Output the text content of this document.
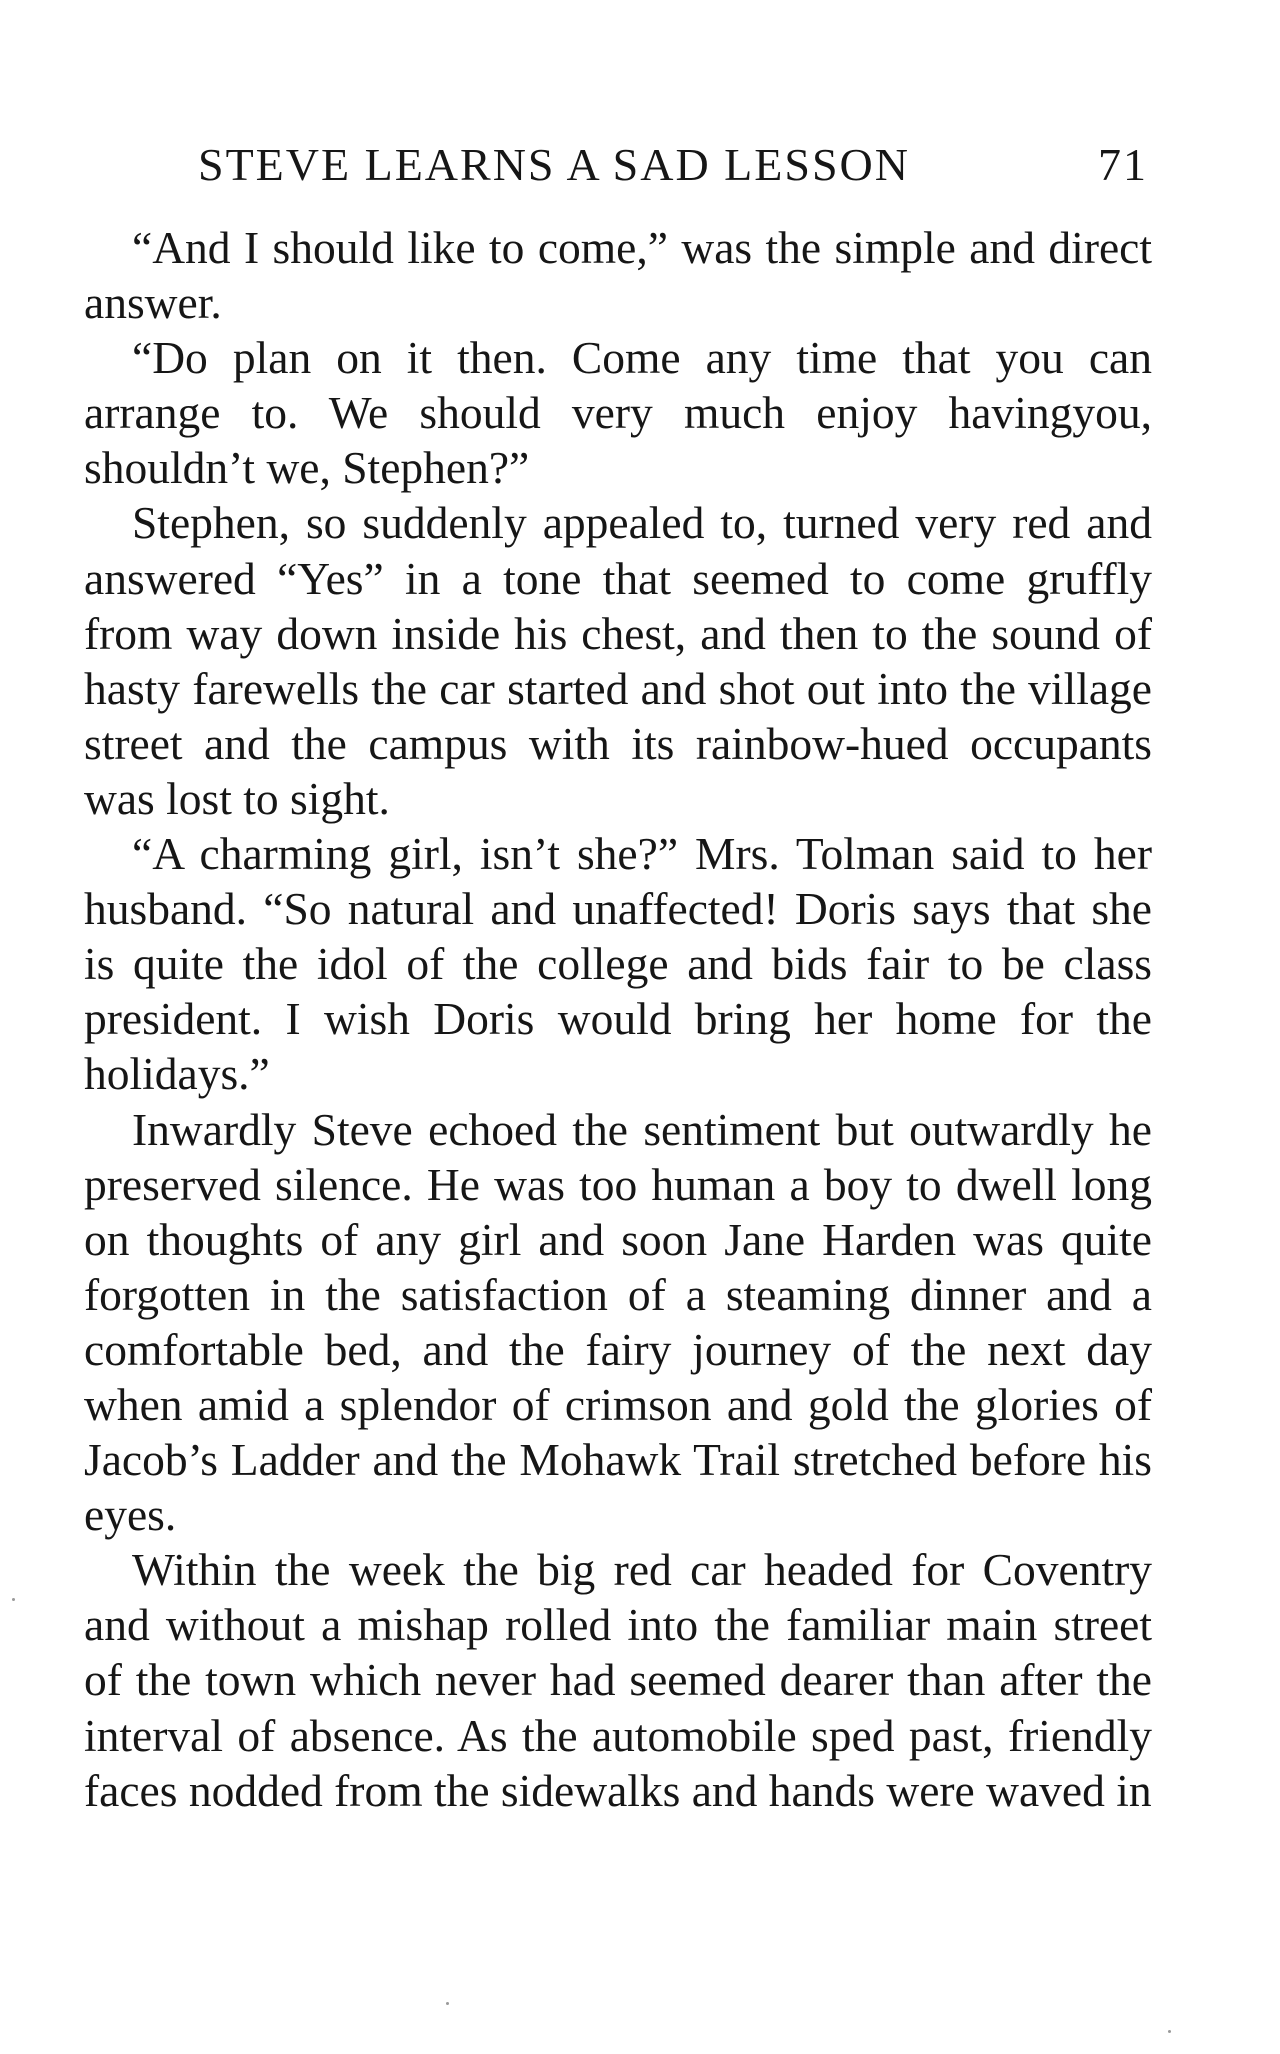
STEVE LEARNS A SAD LESSON	71

“And I should like to come,” was the simple and direct answer.

“Do plan on it then. Come any time that you can arrange to. We should very much enjoy havingyou, shouldn’t we, Stephen?”

Stephen, so suddenly appealed to, turned very red and answered “Yes” in a tone that seemed to come gruffly from way down inside his chest, and then to the sound of hasty farewells the car started and shot out into the village street and the campus with its rainbow-hued occupants was lost to sight.

“A charming girl, isn’t she?” Mrs. Tolman said to her husband. “So natural and unaffected! Doris says that she is quite the idol of the college and bids fair to be class president. I wish Doris would bring her home for the holidays.”

Inwardly Steve echoed the sentiment but outwardly he preserved silence. He was too human a boy to dwell long on thoughts of any girl and soon Jane Harden was quite forgotten in the satisfaction of a steaming dinner and a comfortable bed, and the fairy journey of the next day when amid a splendor of crimson and gold the glories of Jacob’s Ladder and the Mohawk Trail stretched before his eyes.

Within the week the big red car headed for Coventry and without a mishap rolled into the familiar main street of the town which never had seemed dearer than after the interval of absence. As the automobile sped past, friendly faces nodded from the sidewalks and hands were waved in
